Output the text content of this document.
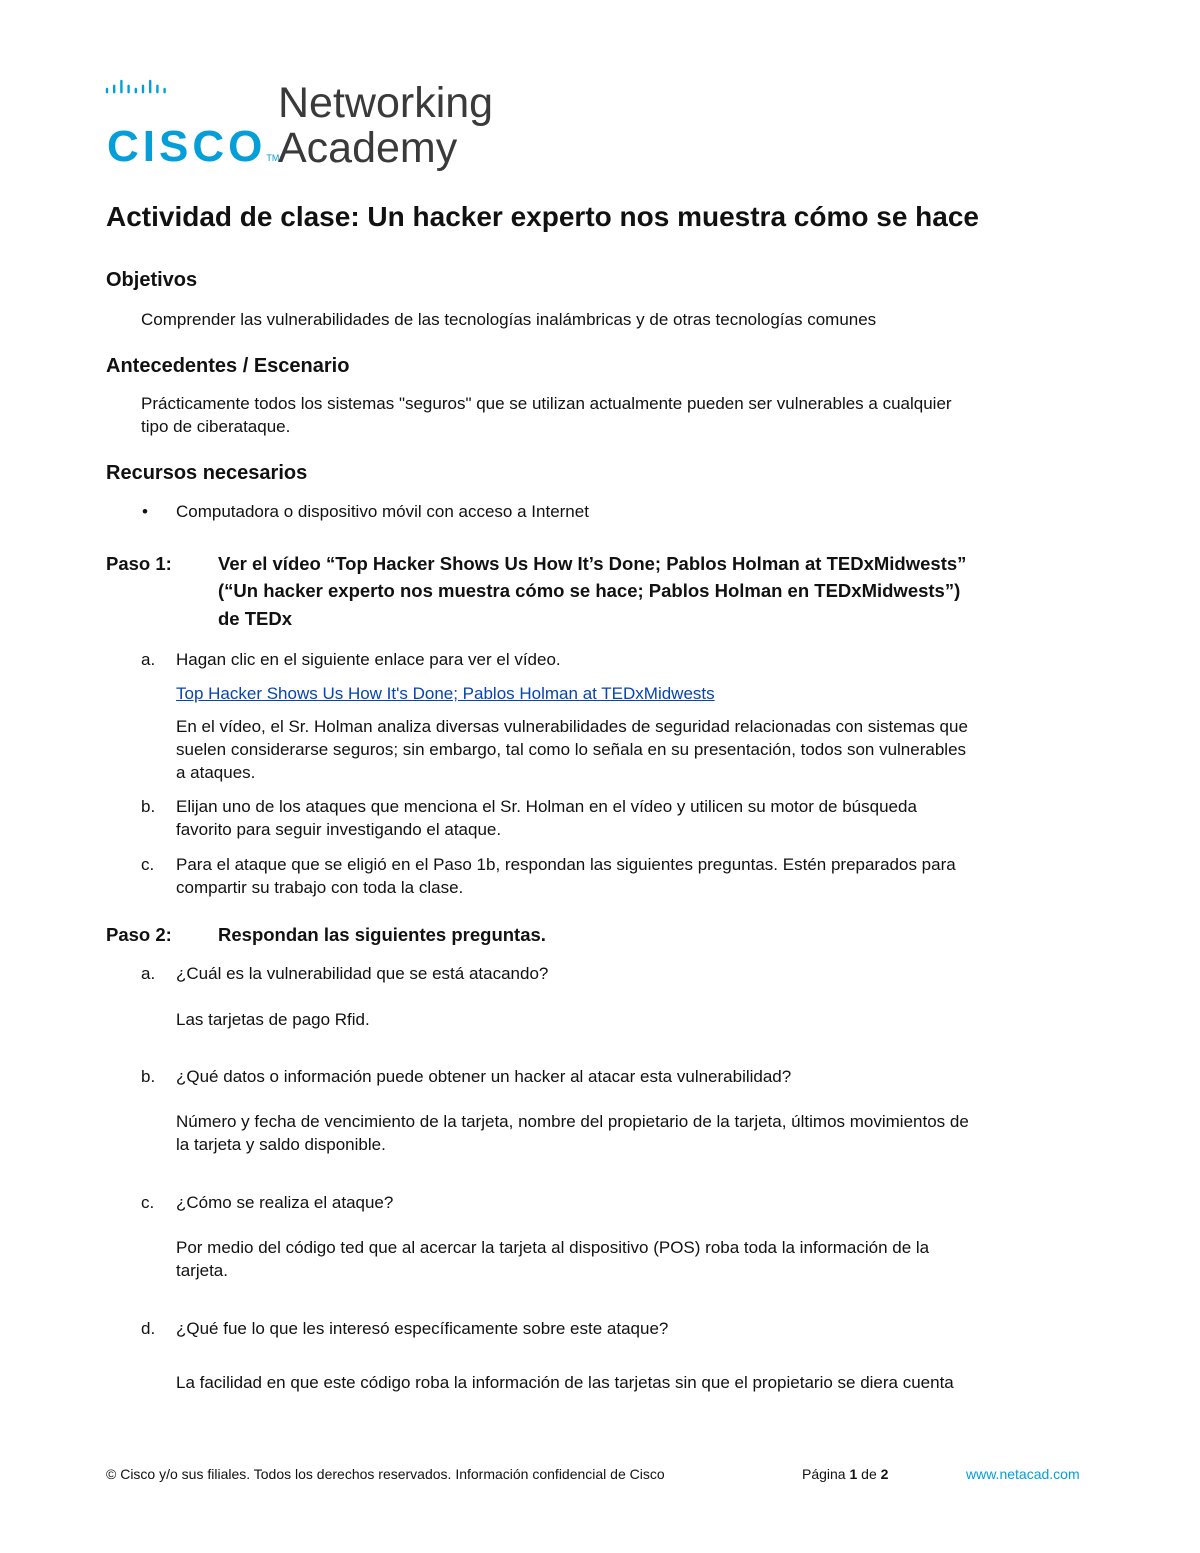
CISCOTM
Networking
Academy
Actividad de clase: Un hacker experto nos muestra cómo se hace
Objetivos
Comprender las vulnerabilidades de las tecnologías inalámbricas y de otras tecnologías comunes
Antecedentes / Escenario
Prácticamente todos los sistemas "seguros" que se utilizan actualmente pueden ser vulnerables a cualquier
tipo de ciberataque.
Recursos necesarios
• Computadora o dispositivo móvil con acceso a Internet
Paso 1: Ver el vídeo “Top Hacker Shows Us How It’s Done; Pablos Holman at TEDxMidwests”
(“Un hacker experto nos muestra cómo se hace; Pablos Holman en TEDxMidwests”)
de TEDx
a. Hagan clic en el siguiente enlace para ver el vídeo.
Top Hacker Shows Us How It's Done; Pablos Holman at TEDxMidwests
En el vídeo, el Sr. Holman analiza diversas vulnerabilidades de seguridad relacionadas con sistemas que
suelen considerarse seguros; sin embargo, tal como lo señala en su presentación, todos son vulnerables
a ataques.
b. Elijan uno de los ataques que menciona el Sr. Holman en el vídeo y utilicen su motor de búsqueda
favorito para seguir investigando el ataque.
c. Para el ataque que se eligió en el Paso 1b, respondan las siguientes preguntas. Estén preparados para
compartir su trabajo con toda la clase.
Paso 2: Respondan las siguientes preguntas.
a. ¿Cuál es la vulnerabilidad que se está atacando?
Las tarjetas de pago Rfid.
b. ¿Qué datos o información puede obtener un hacker al atacar esta vulnerabilidad?
Número y fecha de vencimiento de la tarjeta, nombre del propietario de la tarjeta, últimos movimientos de
la tarjeta y saldo disponible.
c. ¿Cómo se realiza el ataque?
Por medio del código ted que al acercar la tarjeta al dispositivo (POS) roba toda la información de la
tarjeta.
d. ¿Qué fue lo que les interesó específicamente sobre este ataque?
La facilidad en que este código roba la información de las tarjetas sin que el propietario se diera cuenta
© Cisco y/o sus filiales. Todos los derechos reservados. Información confidencial de Cisco	Página 1 de 2	www.netacad.com
